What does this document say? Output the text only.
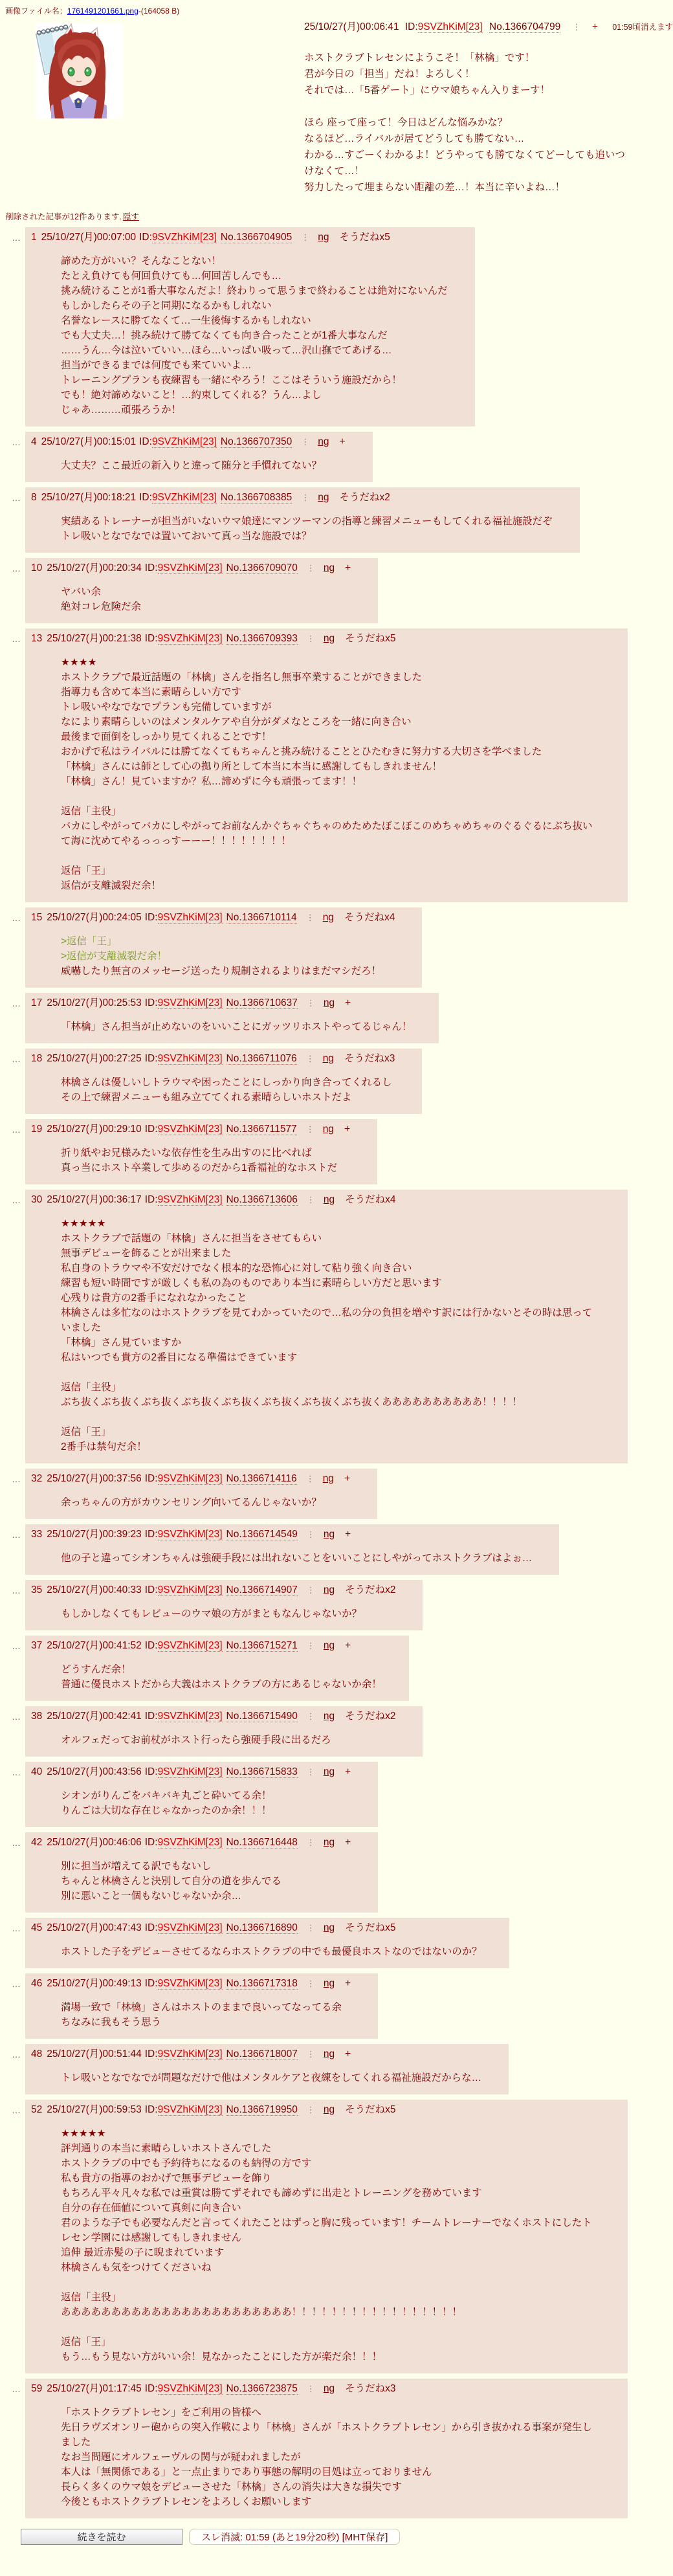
画像ファイル名：1761491201661.png-(164058 B)
25/10/27(月)00:06:41 ID:9SVZhKiM[23] No.1366704799 ⋮ + 01:59頃消えます
ホストクラブトレセンにようこそ！「林檎」です！
君が今日の「担当」だね！よろしく！
それでは…「5番ゲート」にウマ娘ちゃん入りまーす！

ほら 座って座って！今日はどんな悩みかな？
なるほど…ライバルが居てどうしても勝てない…
わかる…すごーくわかるよ！どうやっても勝てなくてどーしても追いつけなくて…！
努力したって埋まらない距離の差…！本当に辛いよね…！
削除された記事が12件あります. 隠す
… 1 25/10/27(月)00:07:00 ID:9SVZhKiM[23] No.1366704905 ⋮ ng そうだねx5
諦めた方がいい？そんなことない！
たとえ負けても何回負けても…何回苦しんでも…
挑み続けることが1番大事なんだよ！終わりって思うまで終わることは絶対にないんだ
もしかしたらその子と同期になるかもしれない
名誉なレースに勝てなくて…一生後悔するかもしれない
でも大丈夫…！挑み続けて勝てなくても向き合ったことが1番大事なんだ
……うん…今は泣いていい…ほら…いっぱい吸って…沢山撫でてあげる…
担当ができるまでは何度でも来ていいよ…
トレーニングプランも夜練習も一緒にやろう！ここはそういう施設だから！
でも！絶対諦めないこと！…約束してくれる？うん…よし
じゃあ………頑張ろうか！
… 4 25/10/27(月)00:15:01 ID:9SVZhKiM[23] No.1366707350 ⋮ ng +
大丈夫？ここ最近の新入りと違って随分と手慣れてない？
… 8 25/10/27(月)00:18:21 ID:9SVZhKiM[23] No.1366708385 ⋮ ng そうだねx2
実績あるトレーナーが担当がいないウマ娘達にマンツーマンの指導と練習メニューもしてくれる福祉施設だぞ
トレ吸いとなでなでは置いておいて真っ当な施設では？
… 10 25/10/27(月)00:20:34 ID:9SVZhKiM[23] No.1366709070 ⋮ ng +
ヤバい余
絶対コレ危険だ余
… 13 25/10/27(月)00:21:38 ID:9SVZhKiM[23] No.1366709393 ⋮ ng そうだねx5
★★★★
ホストクラブで最近話題の「林檎」さんを指名し無事卒業することができました
指導力も含めて本当に素晴らしい方です
トレ吸いやなでなでプランも完備していますが
なにより素晴らしいのはメンタルケアや自分がダメなところを一緒に向き合い
最後まで面倒をしっかり見てくれることです！
おかげで私はライバルには勝てなくてもちゃんと挑み続けることとひたむきに努力する大切さを学べました
「林檎」さんには師として心の拠り所として本当に本当に感謝してもしきれません！
「林檎」さん！見ていますか？私…諦めずに今も頑張ってます！！

返信「主役」
バカにしやがってバカにしやがってお前なんかぐちゃぐちゃのめためたぼこぼこのめちゃめちゃのぐるぐるにぶち抜いて海に沈めてやるっっっすーーー！！！！！！！！

返信「王」
返信が支離滅裂だ余！
… 15 25/10/27(月)00:24:05 ID:9SVZhKiM[23] No.1366710114 ⋮ ng そうだねx4
>返信「王」
>返信が支離滅裂だ余！
威嚇したり無言のメッセージ送ったり規制されるよりはまだマシだろ！
… 17 25/10/27(月)00:25:53 ID:9SVZhKiM[23] No.1366710637 ⋮ ng +
「林檎」さん担当が止めないのをいいことにガッツリホストやってるじゃん！
… 18 25/10/27(月)00:27:25 ID:9SVZhKiM[23] No.1366711076 ⋮ ng そうだねx3
林檎さんは優しいしトラウマや困ったことにしっかり向き合ってくれるし
その上で練習メニューも組み立ててくれる素晴らしいホストだよ
… 19 25/10/27(月)00:29:10 ID:9SVZhKiM[23] No.1366711577 ⋮ ng +
折り紙やお兄様みたいな依存性を生み出すのに比べれば
真っ当にホスト卒業して歩めるのだから1番福祉的なホストだ
… 30 25/10/27(月)00:36:17 ID:9SVZhKiM[23] No.1366713606 ⋮ ng そうだねx4
★★★★★
ホストクラブで話題の「林檎」さんに担当をさせてもらい
無事デビューを飾ることが出来ました
私自身のトラウマや不安だけでなく根本的な恐怖心に対して粘り強く向き合い
練習も短い時間ですが厳しくも私の為のものであり本当に素晴らしい方だと思います
心残りは貴方の2番手になれなかったこと
林檎さんは多忙なのはホストクラブを見てわかっていたので…私の分の負担を増やす訳には行かないとその時は思っていました
「林檎」さん見ていますか
私はいつでも貴方の2番目になる準備はできています

返信「主役」
ぶち抜くぶち抜くぶち抜くぶち抜くぶち抜くぶち抜くぶち抜くぶち抜くああああああああああ！！！！

返信「王」
2番手は禁句だ余！
… 32 25/10/27(月)00:37:56 ID:9SVZhKiM[23] No.1366714116 ⋮ ng +
余っちゃんの方がカウンセリング向いてるんじゃないか？
… 33 25/10/27(月)00:39:23 ID:9SVZhKiM[23] No.1366714549 ⋮ ng +
他の子と違ってシオンちゃんは強硬手段には出れないことをいいことにしやがってホストクラブはよぉ…
… 35 25/10/27(月)00:40:33 ID:9SVZhKiM[23] No.1366714907 ⋮ ng そうだねx2
もしかしなくてもレビューのウマ娘の方がまともなんじゃないか？
… 37 25/10/27(月)00:41:52 ID:9SVZhKiM[23] No.1366715271 ⋮ ng +
どうすんだ余！
普通に優良ホストだから大義はホストクラブの方にあるじゃないか余！
… 38 25/10/27(月)00:42:41 ID:9SVZhKiM[23] No.1366715490 ⋮ ng そうだねx2
オルフェだってお前杖がホスト行ったら強硬手段に出るだろ
… 40 25/10/27(月)00:43:56 ID:9SVZhKiM[23] No.1366715833 ⋮ ng +
シオンがりんごをバキバキ丸ごと砕いてる余！
りんごは大切な存在じゃなかったのか余！！！
… 42 25/10/27(月)00:46:06 ID:9SVZhKiM[23] No.1366716448 ⋮ ng +
別に担当が増えてる訳でもないし
ちゃんと林檎さんと決別して自分の道を歩んでる
別に悪いこと一個もないじゃないか余…
… 45 25/10/27(月)00:47:43 ID:9SVZhKiM[23] No.1366716890 ⋮ ng そうだねx5
ホストした子をデビューさせてるならホストクラブの中でも最優良ホストなのではないのか？
… 46 25/10/27(月)00:49:13 ID:9SVZhKiM[23] No.1366717318 ⋮ ng +
満場一致で「林檎」さんはホストのままで良いってなってる余
ちなみに我もそう思う
… 48 25/10/27(月)00:51:44 ID:9SVZhKiM[23] No.1366718007 ⋮ ng +
トレ吸いとなでなでが問題なだけで他はメンタルケアと夜練をしてくれる福祉施設だからな…
… 52 25/10/27(月)00:59:53 ID:9SVZhKiM[23] No.1366719950 ⋮ ng そうだねx5
★★★★★
評判通りの本当に素晴らしいホストさんでした
ホストクラブの中でも予約待ちになるのも納得の方です
私も貴方の指導のおかげで無事デビューを飾り
もちろん平々凡々な私では重賞は勝てずそれでも諦めずに出走とトレーニングを務めています
自分の存在価値について真剣に向き合い
君のような子でも必要なんだと言ってくれたことはずっと胸に残っています！チームトレーナーでなくホストにしたトレセン学園には感謝してもしきれません
追伸 最近赤髪の子に睨まれています
林檎さんも気をつけてくださいね

返信「主役」
あああああああああああああああああああああああ！！！！！！！！！！！！！！！！！

返信「王」
もう…もう見ない方がいい余！見なかったことにした方が楽だ余！！！
… 59 25/10/27(月)01:17:45 ID:9SVZhKiM[23] No.1366723875 ⋮ ng そうだねx3
「ホストクラブトレセン」をご利用の皆様へ
先日ラヴズオンリー砲からの突入作戦により「林檎」さんが「ホストクラブトレセン」から引き抜かれる事案が発生しました
なお当問題にオルフェーヴルの関与が疑われましたが
本人は「無関係である」と一点止まりであり事態の解明の目処は立っておりません
長らく多くのウマ娘をデビューさせた「林檎」さんの消失は大きな損失です
今後ともホストクラブトレセンをよろしくお願いします
続きを読む	スレ消滅: 01:59 (あと19分20秒) [MHT保存]
